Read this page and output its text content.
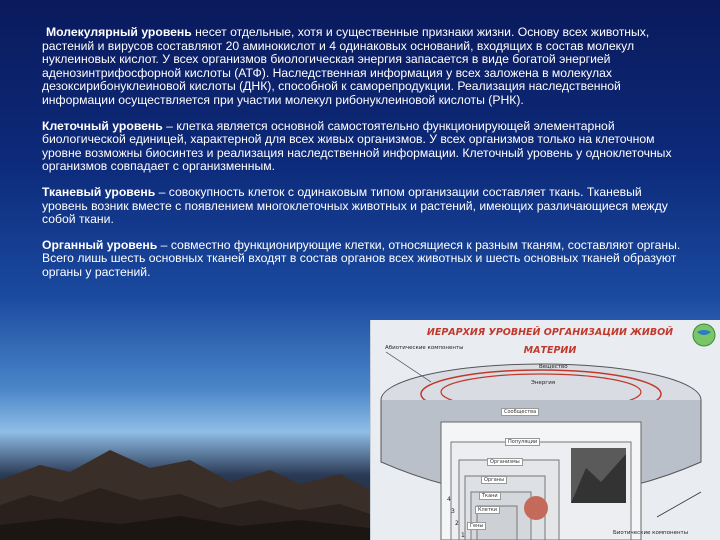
Молекулярный уровень несет отдельные, хотя и существенные признаки жизни. Основу всех животных, растений и вирусов составляют 20 аминокислот и 4 одинаковых оснований, входящих в состав молекул нуклеиновых кислот. У всех организмов биологическая энергия запасается в виде богатой энергией аденозинтрифосфорной кислоты (АТФ). Наследственная информация у всех заложена в молекулах дезоксирибонуклеиновой кислоты (ДНК), способной к саморепродукции. Реализация наследственной информации осуществляется при участии молекул рибонуклеиновой кислоты (РНК).

Клеточный уровень – клетка является основной самостоятельно функционирующей элементарной биологической единицей, характерной для всех живых организмов. У всех организмов только на клеточном уровне возможны биосинтез и реализация наследственной информации. Клеточный уровень у одноклеточных организмов совпадает с организменным.

Тканевый уровень – совокупность клеток с одинаковым типом организации составляет ткань. Тканевый уровень возник вместе с появлением многоклеточных животных и растений, имеющих различающиеся между собой ткани.

Органный уровень – совместно функционирующие клетки, относящиеся к разным тканям, составляют органы. Всего лишь шесть основных тканей входят в состав органов всех животных и шесть основных тканей образуют органы у растений.

ИЕРАРХИЯ УРОВНЕЙ ОРГАНИЗАЦИИ ЖИВОЙ МАТЕРИИ
Абиотические компоненты
Вещество
Энергия
Сообщества
Популяции
Организмы
Органы
Ткани
Клетки
Гены
1
2
3
4
Биотические компоненты
